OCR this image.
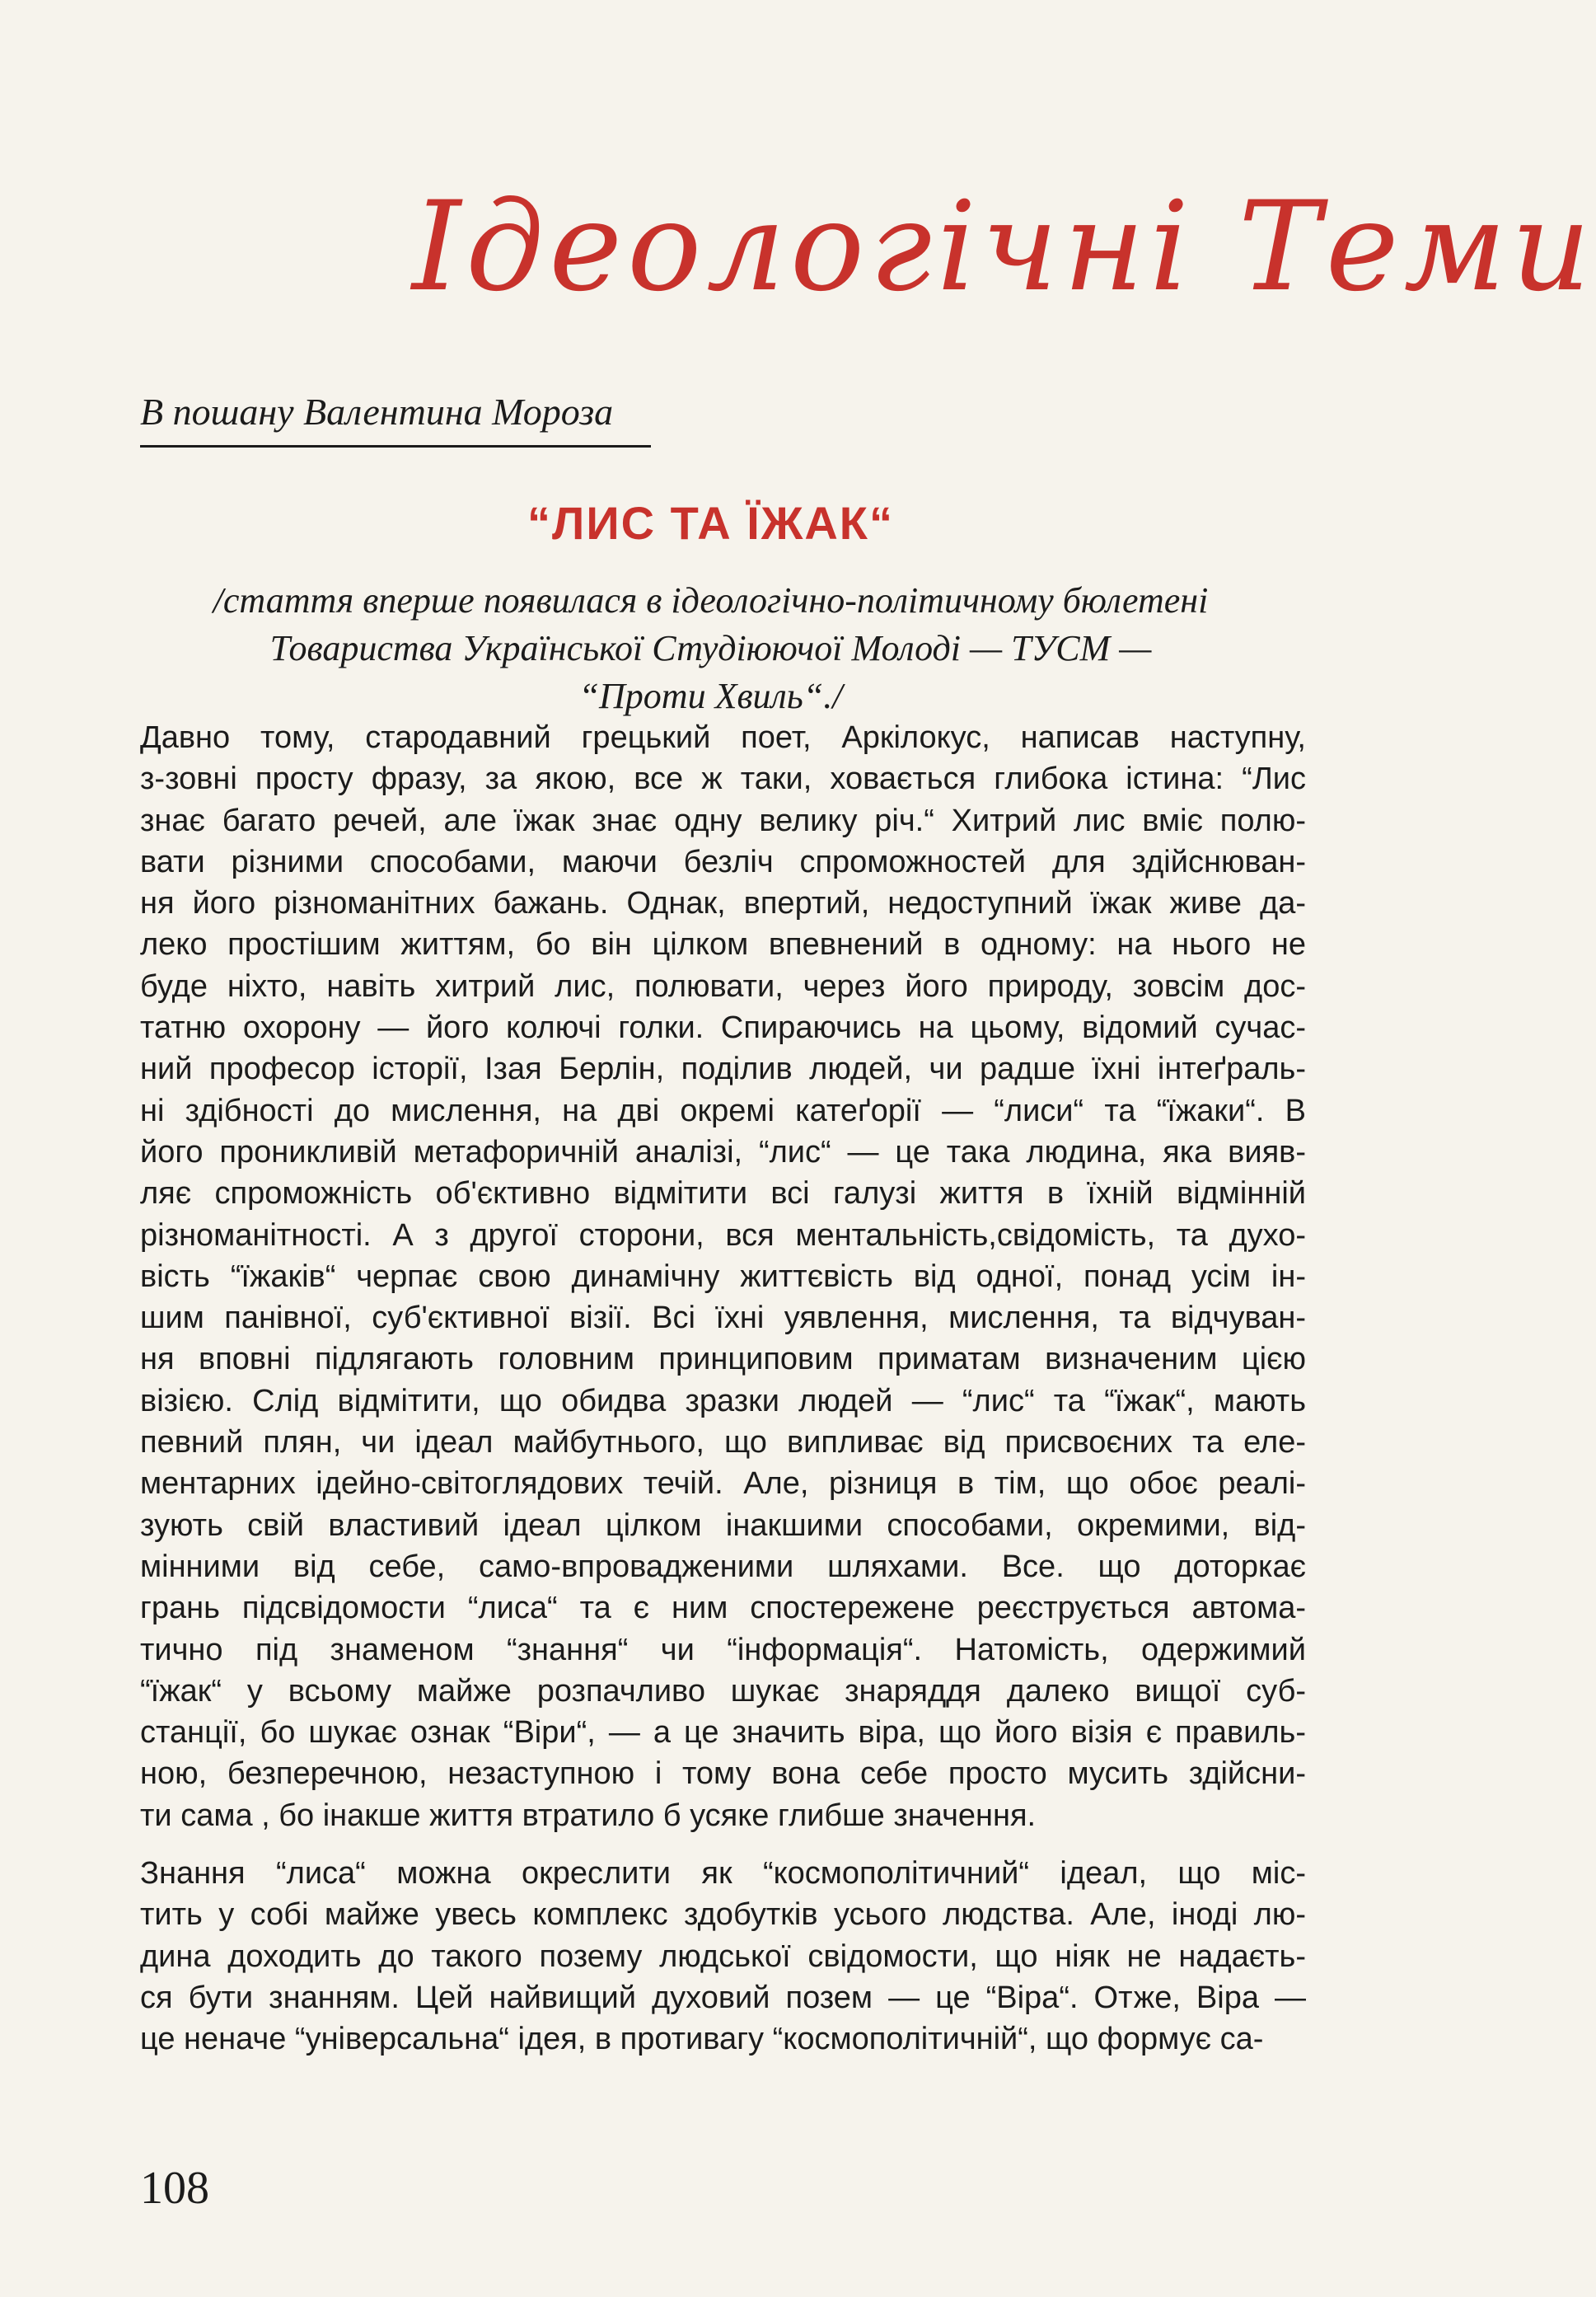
Ідеологічні Теми
В пошану Валентина Мороза
“ЛИС ТА ЇЖАК“
/стаття вперше появилася в ідеологічно-політичному бюлетені
Товариства Української Студіюючої Молоді — ТУСМ —
“Проти Хвиль“./
Давно тому, стародавний грецький поет, Аркілокус, написав наступну,
з-зовні просту фразу, за якою, все ж таки, ховається глибока істина: “Лис
знає багато речей, але їжак знає одну велику річ.“ Хитрий лис вміє полю-
вати різними способами, маючи безліч спроможностей для здійснюван-
ня його різноманітних бажань. Однак, впертий, недоступний їжак живе да-
леко простішим життям, бо він цілком впевнений в одному: на нього не
буде ніхто, навіть хитрий лис, полювати, через його природу, зовсім дос-
татню охорону — його колючі голки. Спираючись на цьому, відомий сучас-
ний професор історії, Ізая Берлін, поділив людей, чи радше їхні інтеґраль-
ні здібності до мислення, на дві окремі катеґорії — “лиси“ та “їжаки“. В
його проникливій метафоричній аналізі, “лис“ — це така людина, яка вияв-
ляє спроможність об'єктивно відмітити всі галузі життя в їхній відмінній
різноманітності. А з другої сторони, вся ментальність,свідомість, та духо-
вість “їжаків“ черпає свою динамічну життєвість від одної, понад усім ін-
шим панівної, суб'єктивної візії. Всі їхні уявлення, мислення, та відчуван-
ня вповні підлягають головним принциповим приматам визначеним цією
візією. Слід відмітити, що обидва зразки людей — “лис“ та “їжак“, мають
певний плян, чи ідеал майбутнього, що випливає від присвоєних та еле-
ментарних ідейно-світоглядових течій. Але, різниця в тім, що обоє реалі-
зують свій властивий ідеал цілком інакшими способами, окремими, від-
мінними від себе, само-впровадженими шляхами. Все. що доторкає
грань підсвідомости “лиса“ та є ним спостережене реєструється автома-
тично під знаменом “знання“ чи “інформація“. Натомість, одержимий
“їжак“ у всьому майже розпачливо шукає знаряддя далеко вищої суб-
станції, бо шукає ознак “Віри“, — а це значить віра, що його візія є правиль-
ною, безперечною, незаступною і тому вона себе просто мусить здійсни-
ти сама , бо інакше життя втратило б усяке глибше значення.
Знання “лиса“ можна окреслити як “космополітичний“ ідеал, що міс-
тить у собі майже увесь комплекс здобутків усього людства. Але, іноді лю-
дина доходить до такого позему людської свідомости, що ніяк не надаєть-
ся бути знанням. Цей найвищий духовий позем — це “Віра“. Отже, Віра —
це неначе “універсальна“ ідея, в противагу “космополітичній“, що формує са-
108
